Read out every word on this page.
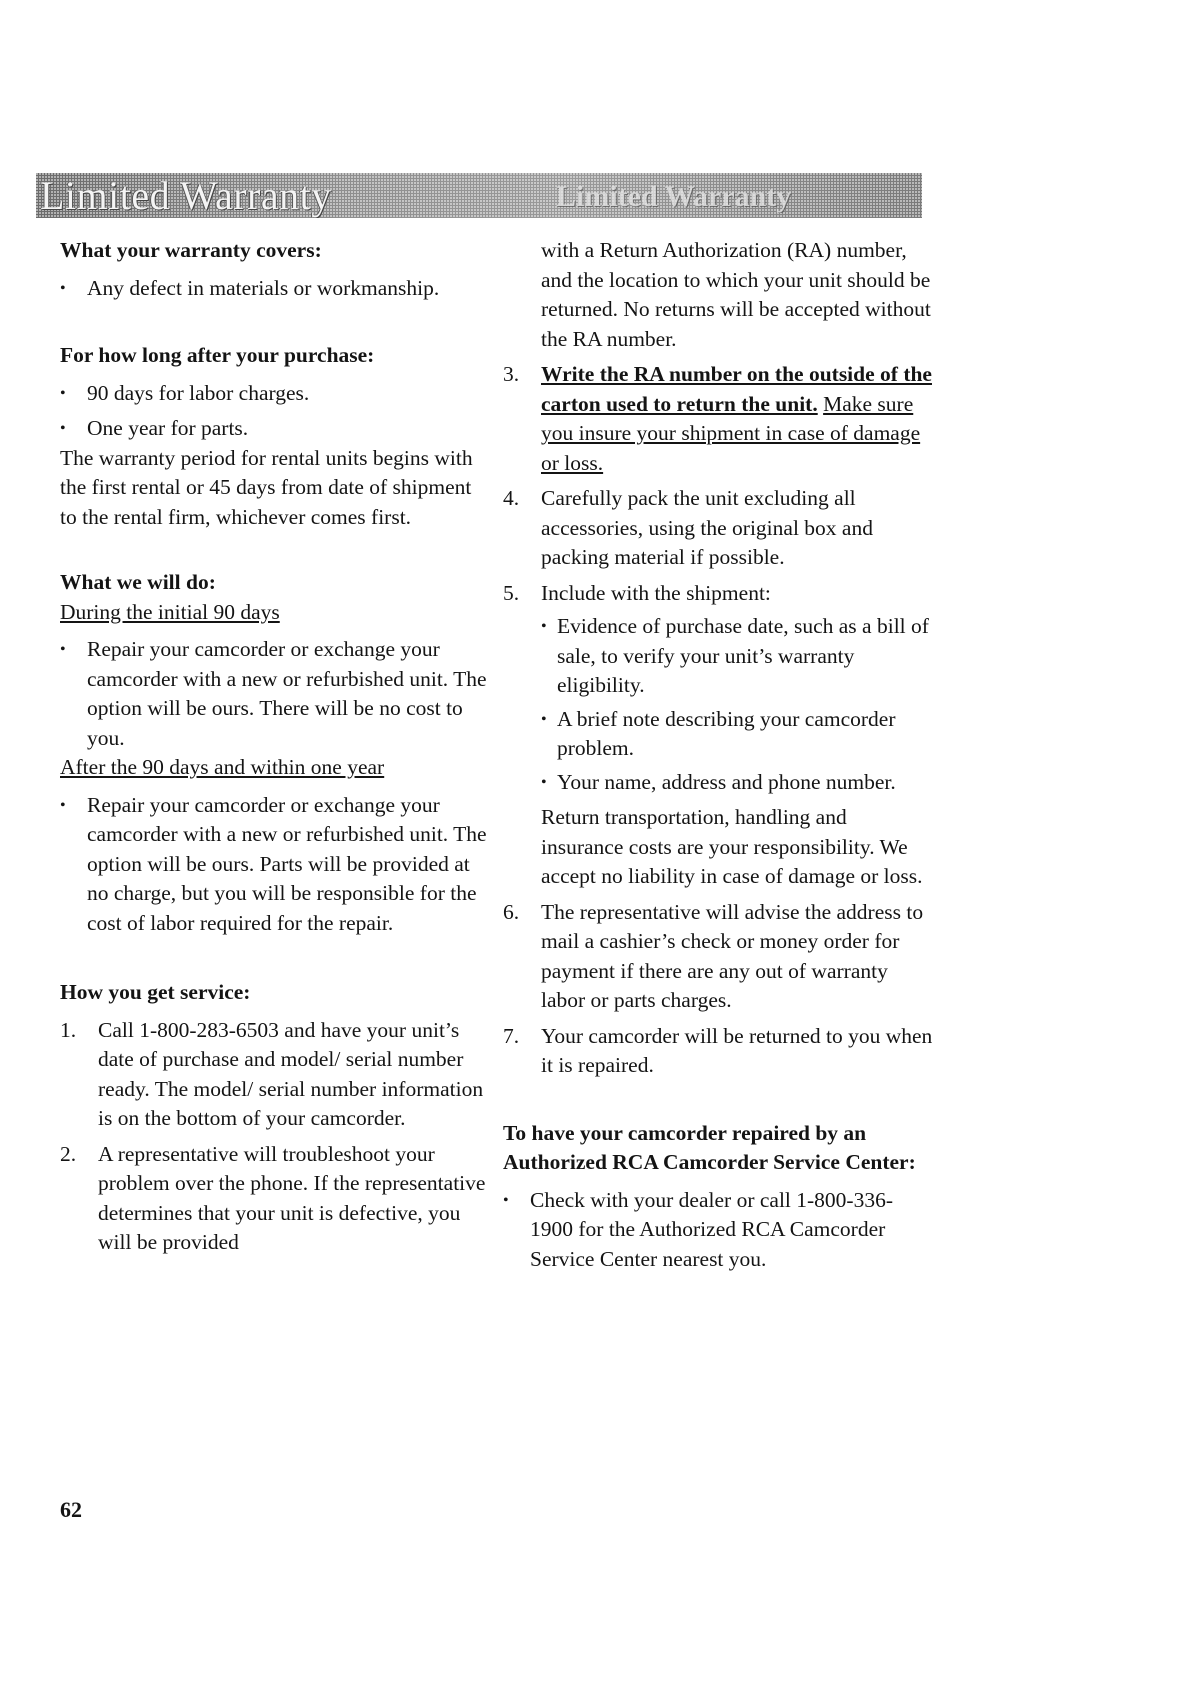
Limited Warranty	Limited Warranty

What your warranty covers:

• Any defect in materials or workmanship.

For how long after your purchase:

• 90 days for labor charges.

• One year for parts.

The warranty period for rental units begins with the first rental or 45 days from date of shipment to the rental firm, whichever comes first.

What we will do:

During the initial 90 days

• Repair your camcorder or exchange your camcorder with a new or refurbished unit. The option will be ours. There will be no cost to you.

After the 90 days and within one year

• Repair your camcorder or exchange your camcorder with a new or refurbished unit. The option will be ours. Parts will be provided at no charge, but you will be responsible for the cost of labor required for the repair.

How you get service:

1. Call 1-800-283-6503 and have your unit’s date of purchase and model/ serial number ready. The model/ serial number information is on the bottom of your camcorder.

2. A representative will troubleshoot your problem over the phone. If the representative determines that your unit is defective, you will be provided

with a Return Authorization (RA) number, and the location to which your unit should be returned. No returns will be accepted without the RA number.

3. Write the RA number on the outside of the carton used to return the unit. Make sure you insure your shipment in case of damage or loss.

4. Carefully pack the unit excluding all accessories, using the original box and packing material if possible.

5. Include with the shipment:

• Evidence of purchase date, such as a bill of sale, to verify your unit’s warranty eligibility.

• A brief note describing your camcorder problem.

• Your name, address and phone number.

Return transportation, handling and insurance costs are your responsibility. We accept no liability in case of damage or loss.

6. The representative will advise the address to mail a cashier’s check or money order for payment if there are any out of warranty labor or parts charges.

7. Your camcorder will be returned to you when it is repaired.

To have your camcorder repaired by an Authorized RCA Camcorder Service Center:

• Check with your dealer or call 1-800-336-1900 for the Authorized RCA Camcorder Service Center nearest you.

62
